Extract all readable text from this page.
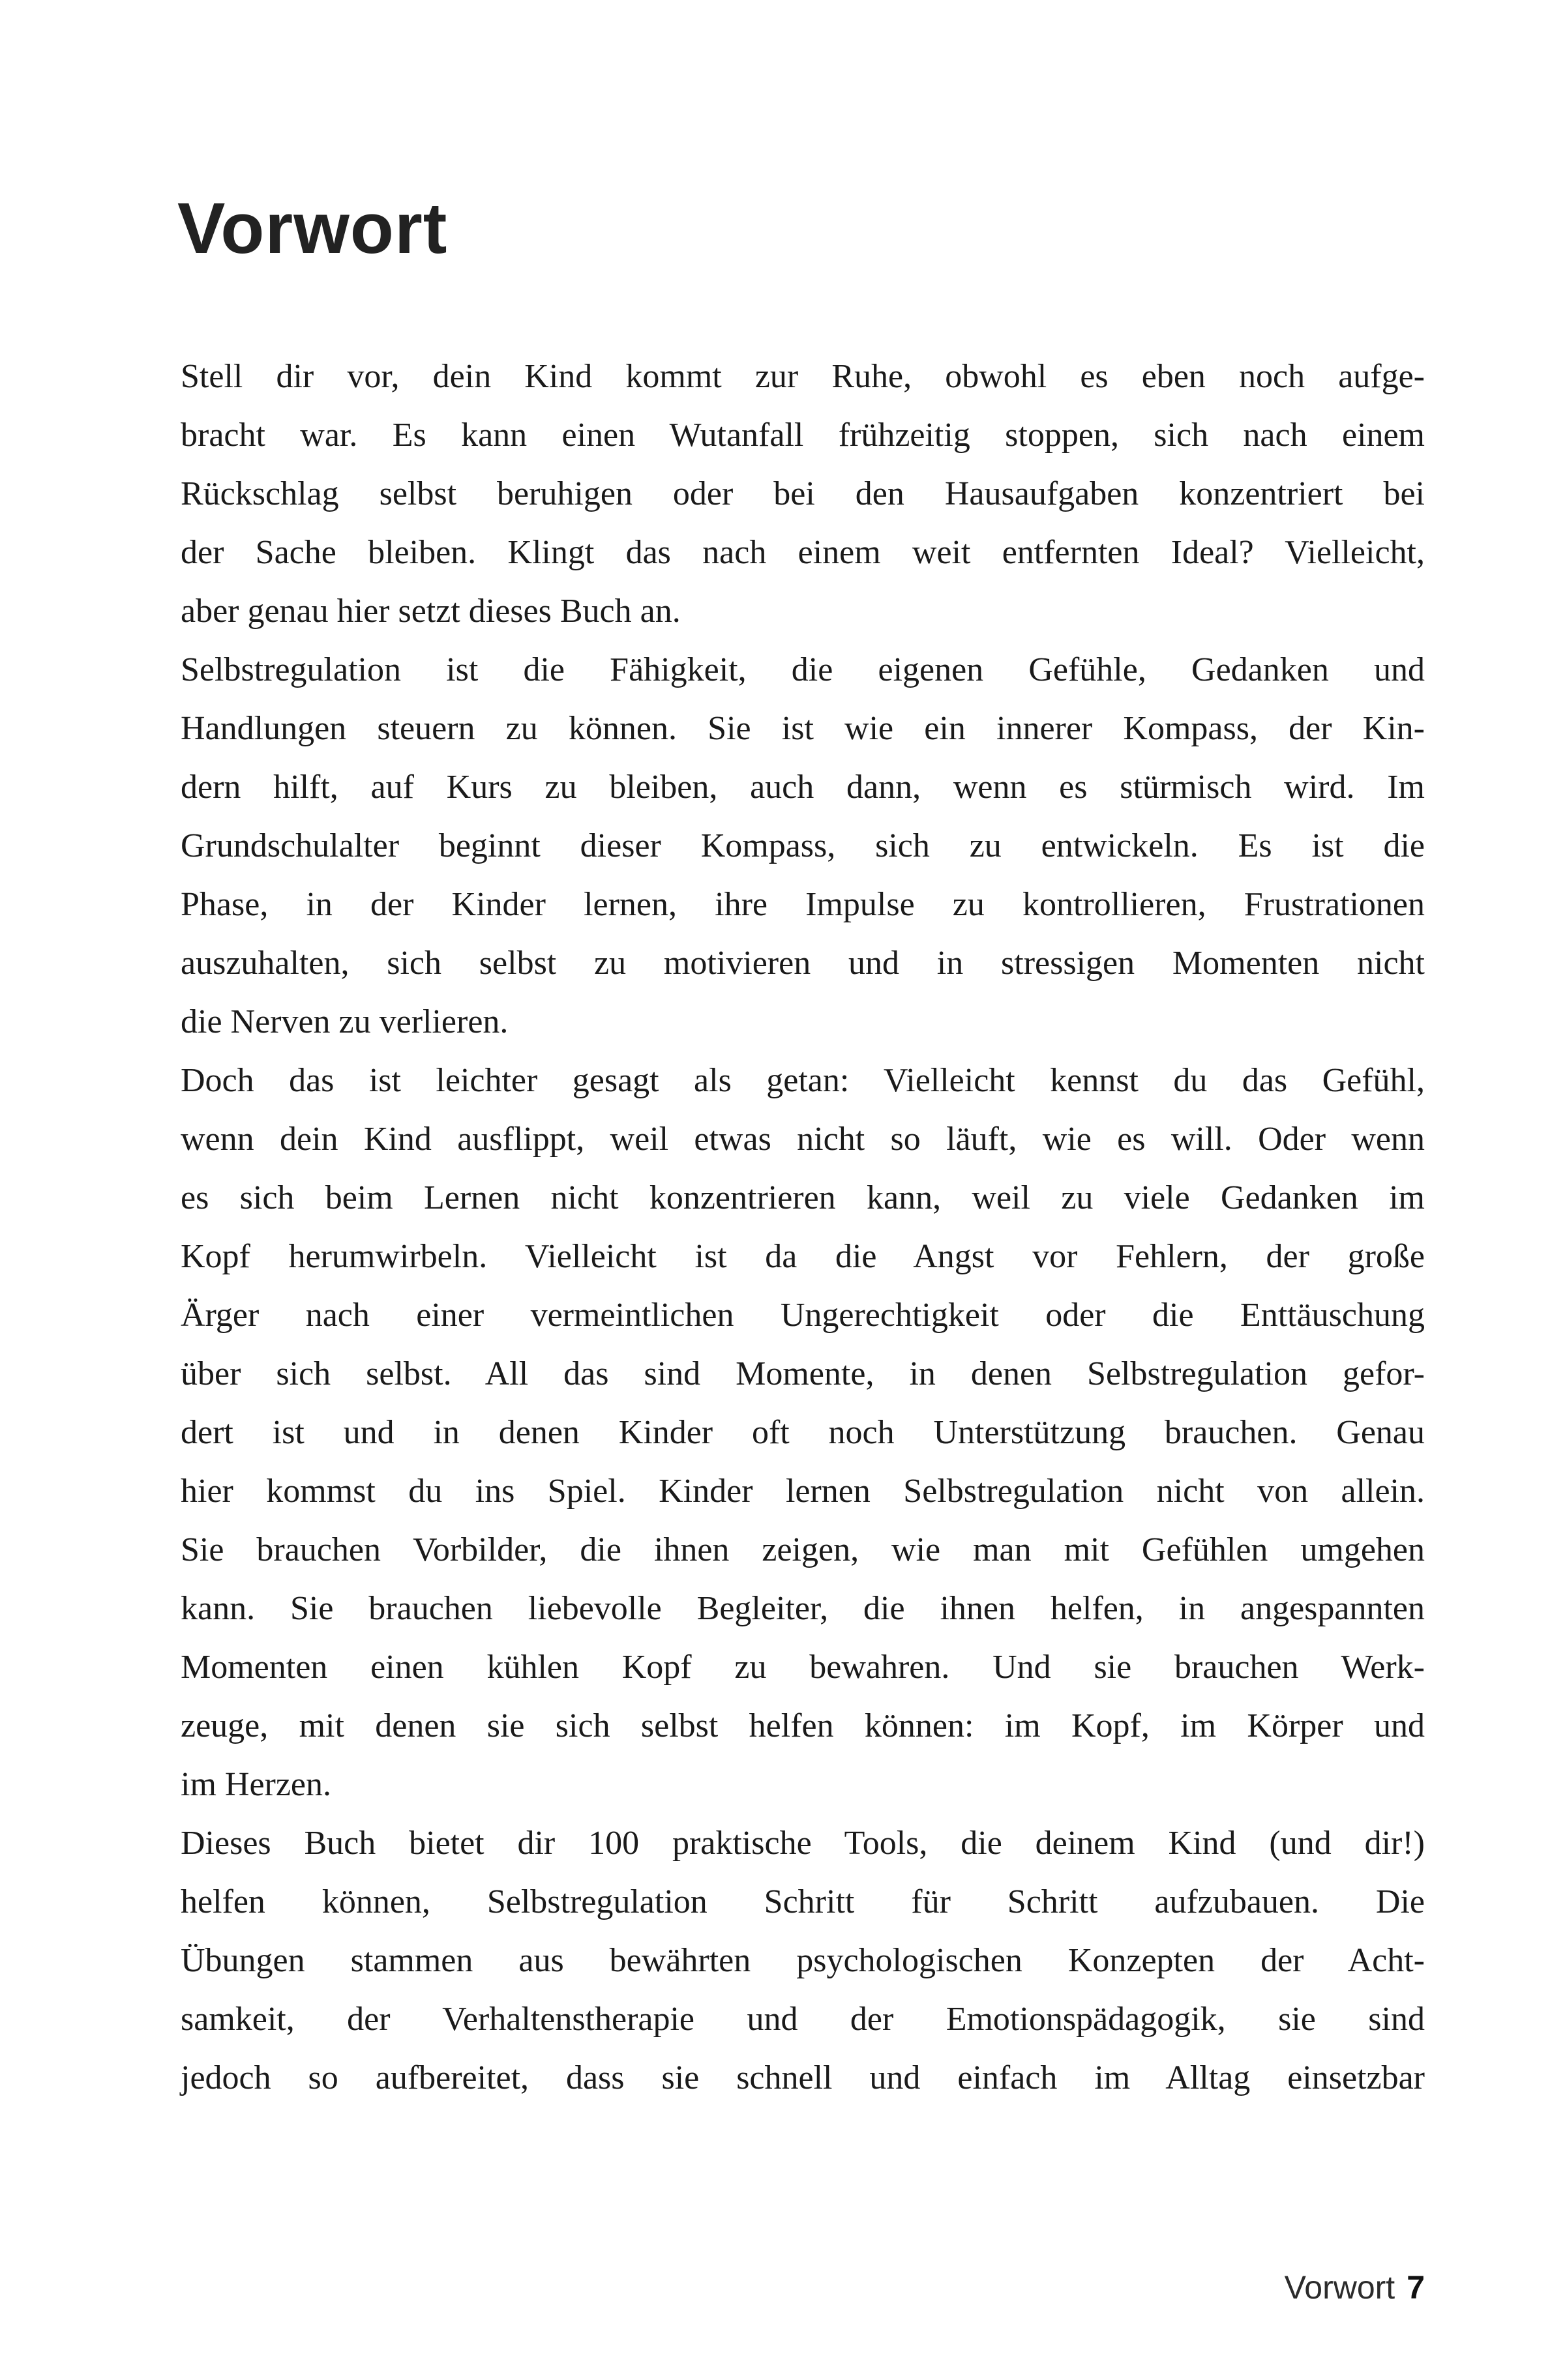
Vorwort
Stell dir vor, dein Kind kommt zur Ruhe, obwohl es eben noch aufge-
bracht war. Es kann einen Wutanfall frühzeitig stoppen, sich nach einem
Rückschlag selbst beruhigen oder bei den Hausaufgaben konzentriert bei
der Sache bleiben. Klingt das nach einem weit entfernten Ideal? Vielleicht,
aber genau hier setzt dieses Buch an.
Selbstregulation ist die Fähigkeit, die eigenen Gefühle, Gedanken und
Handlungen steuern zu können. Sie ist wie ein innerer Kompass, der Kin-
dern hilft, auf Kurs zu bleiben, auch dann, wenn es stürmisch wird. Im
Grundschulalter beginnt dieser Kompass, sich zu entwickeln. Es ist die
Phase, in der Kinder lernen, ihre Impulse zu kontrollieren, Frustrationen
auszuhalten, sich selbst zu motivieren und in stressigen Momenten nicht
die Nerven zu verlieren.
Doch das ist leichter gesagt als getan: Vielleicht kennst du das Gefühl,
wenn dein Kind ausflippt, weil etwas nicht so läuft, wie es will. Oder wenn
es sich beim Lernen nicht konzentrieren kann, weil zu viele Gedanken im
Kopf herumwirbeln. Vielleicht ist da die Angst vor Fehlern, der große
Ärger nach einer vermeintlichen Ungerechtigkeit oder die Enttäuschung
über sich selbst. All das sind Momente, in denen Selbstregulation gefor-
dert ist und in denen Kinder oft noch Unterstützung brauchen. Genau
hier kommst du ins Spiel. Kinder lernen Selbstregulation nicht von allein.
Sie brauchen Vorbilder, die ihnen zeigen, wie man mit Gefühlen umgehen
kann. Sie brauchen liebevolle Begleiter, die ihnen helfen, in angespannten
Momenten einen kühlen Kopf zu bewahren. Und sie brauchen Werk-
zeuge, mit denen sie sich selbst helfen können: im Kopf, im Körper und
im Herzen.
Dieses Buch bietet dir 100 praktische Tools, die deinem Kind (und dir!)
helfen können, Selbstregulation Schritt für Schritt aufzubauen. Die
Übungen stammen aus bewährten psychologischen Konzepten der Acht-
samkeit, der Verhaltenstherapie und der Emotionspädagogik, sie sind
jedoch so aufbereitet, dass sie schnell und einfach im Alltag einsetzbar
Vorwort 7
